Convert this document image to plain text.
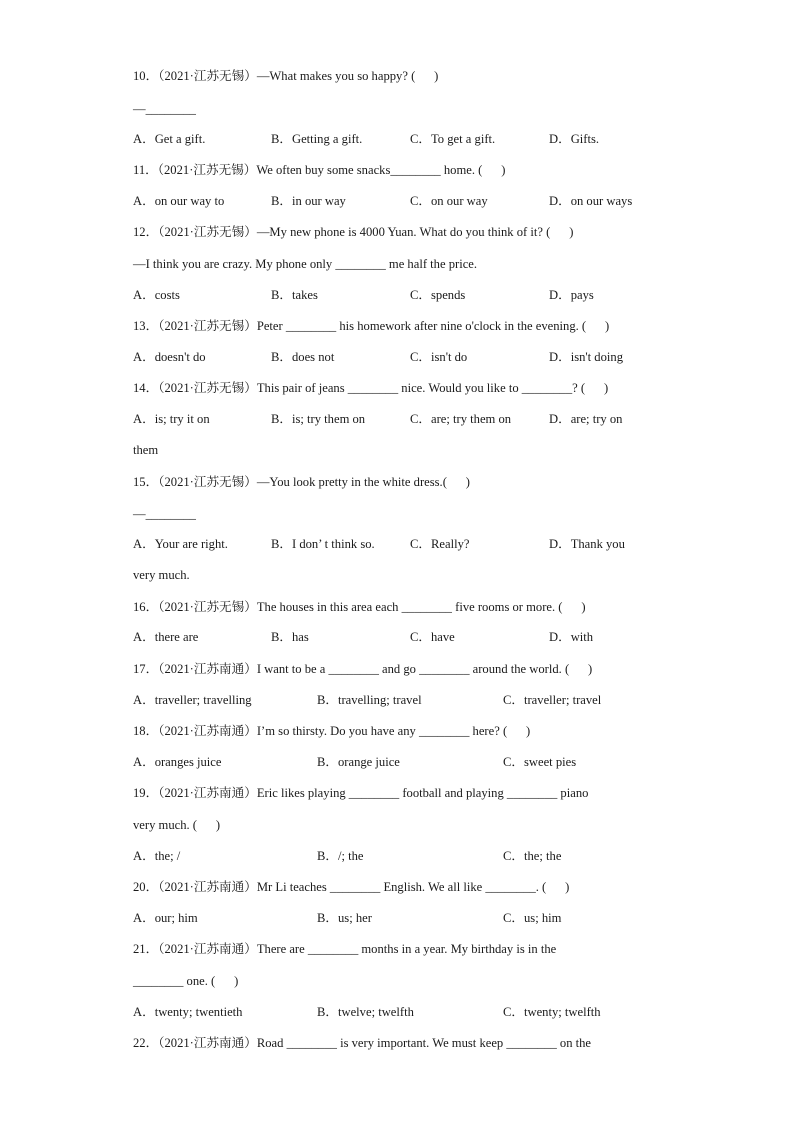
10．（2021·江苏无锡）—What makes you so happy? (      )
—________
A．Get a gift.	B．Getting a gift.	C．To get a gift.	D．Gifts.
11．（2021·江苏无锡）We often buy some snacks________ home. (      )
A．on our way to	B．in our way	C．on our way	D．on our ways
12．（2021·江苏无锡）—My new phone is 4000 Yuan. What do you think of it? (      )
—I think you are crazy. My phone only ________ me half the price.
A．costs	B．takes	C．spends	D．pays
13．（2021·江苏无锡）Peter ________ his homework after nine o'clock in the evening. (      )
A．doesn't do	B．does not	C．isn't do	D．isn't doing
14．（2021·江苏无锡）This pair of jeans ________ nice. Would you like to ________? (      )
A．is; try it on	B．is; try them on	C．are; try them on	D．are; try on
them
15．（2021·江苏无锡）—You look pretty in the white dress.(      )
—________
A．Your are right.	B．I don’ t think so.	C．Really?	D．Thank you
very much.
16．（2021·江苏无锡）The houses in this area each ________ five rooms or more. (      )
A．there are	B．has	C．have	D．with
17．（2021·江苏南通）I want to be a ________ and go ________ around the world. (      )
A．traveller; travelling	B．travelling; travel	C．traveller; travel
18．（2021·江苏南通）I’m so thirsty. Do you have any ________ here? (      )
A．oranges juice	B．orange juice	C．sweet pies
19．（2021·江苏南通）Eric likes playing ________ football and playing ________ piano
very much. (      )
A．the; /	B．/; the	C．the; the
20．（2021·江苏南通）Mr Li teaches ________ English. We all like ________. (      )
A．our; him	B．us; her	C．us; him
21．（2021·江苏南通）There are ________ months in a year. My birthday is in the
________ one. (      )
A．twenty; twentieth	B．twelve; twelfth	C．twenty; twelfth
22．（2021·江苏南通）Road ________ is very important. We must keep ________ on the
